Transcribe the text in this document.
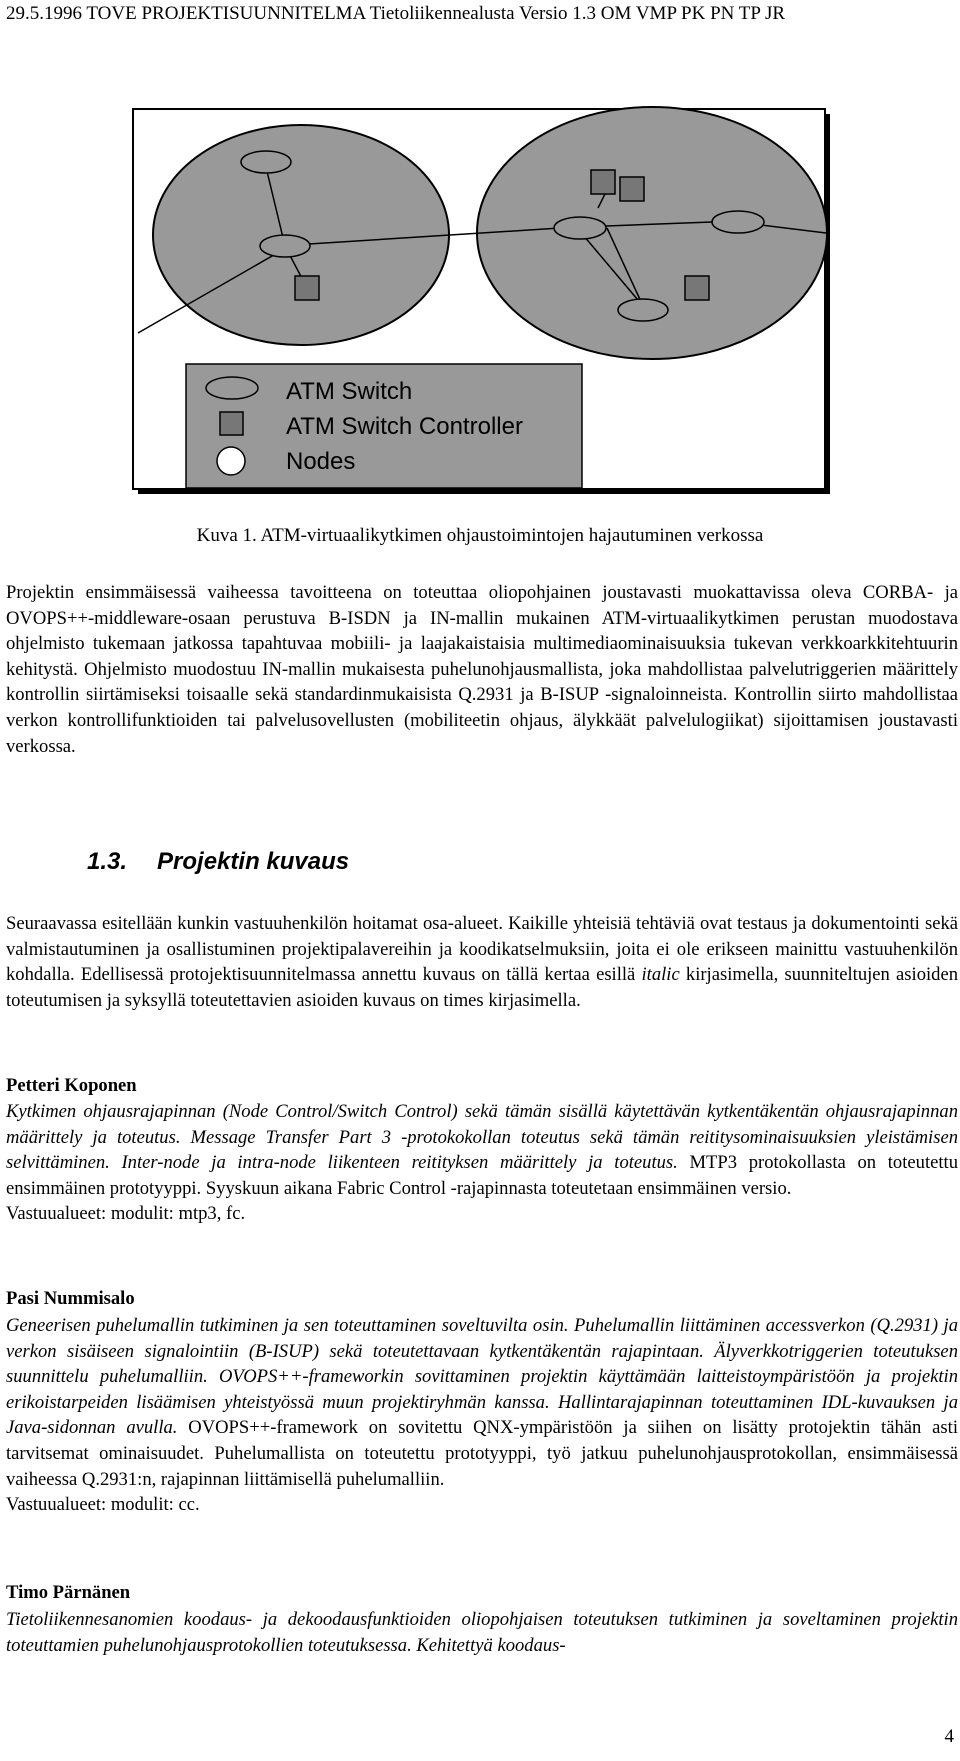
29.5.1996 TOVE PROJEKTISUUNNITELMA Tietoliikennealusta Versio 1.3 OM VMP PK PN TP JR
ATM Switch
ATM Switch Controller
Nodes
Kuva 1. ATM-virtuaalikytkimen ohjaustoimintojen hajautuminen verkossa
Projektin ensimmäisessä vaiheessa tavoitteena on toteuttaa oliopohjainen joustavasti muokattavissa oleva CORBA- ja OVOPS++-middleware-osaan perustuva B-ISDN ja IN-mallin mukainen ATM-virtuaalikytkimen perustan muodostava ohjelmisto tukemaan jatkossa tapahtuvaa mobiili- ja laajakaistaisia multimediaominaisuuksia tukevan verkkoarkkitehtuurin kehitystä. Ohjelmisto muodostuu IN-mallin mukaisesta puhelunohjausmallista, joka mahdollistaa palvelutriggerien määrittely kontrollin siirtämiseksi toisaalle sekä standardinmukaisista Q.2931 ja B-ISUP -signaloinneista. Kontrollin siirto mahdollistaa verkon kontrollifunktioiden tai palvelusovellusten (mobiliteetin ohjaus, älykkäät palvelulogiikat) sijoittamisen joustavasti verkossa.
1.3. Projektin kuvaus
Seuraavassa esitellään kunkin vastuuhenkilön hoitamat osa-alueet. Kaikille yhteisiä tehtäviä ovat testaus ja dokumentointi sekä valmistautuminen ja osallistuminen projektipalavereihin ja koodikatselmuksiin, joita ei ole erikseen mainittu vastuuhenkilön kohdalla. Edellisessä protojektisuunnitelmassa annettu kuvaus on tällä kertaa esillä italic kirjasimella, suunniteltujen asioiden toteutumisen ja syksyllä toteutettavien asioiden kuvaus on times kirjasimella.
Petteri Koponen
Kytkimen ohjausrajapinnan (Node Control/Switch Control) sekä tämän sisällä käytettävän kytkentäkentän ohjausrajapinnan määrittely ja toteutus. Message Transfer Part 3 -protokokollan toteutus sekä tämän reititysominaisuuksien yleistämisen selvittäminen. Inter-node ja intra-node liikenteen reitityksen määrittely ja toteutus. MTP3 protokollasta on toteutettu ensimmäinen prototyyppi. Syyskuun aikana Fabric Control -rajapinnasta toteutetaan ensimmäinen versio.
Vastuualueet: modulit: mtp3, fc.
Pasi Nummisalo
Geneerisen puhelumallin tutkiminen ja sen toteuttaminen soveltuvilta osin. Puhelumallin liittäminen accessverkon (Q.2931) ja verkon sisäiseen signalointiin (B-ISUP) sekä toteutettavaan kytkentäkentän rajapintaan. Älyverkkotriggerien toteutuksen suunnittelu puhelumalliin. OVOPS++-frameworkin sovittaminen projektin käyttämään laitteistoympäristöön ja projektin erikoistarpeiden lisäämisen yhteistyössä muun projektiryhmän kanssa. Hallintarajapinnan toteuttaminen IDL-kuvauksen ja Java-sidonnan avulla. OVOPS++-framework on sovitettu QNX-ympäristöön ja siihen on lisätty protojektin tähän asti tarvitsemat ominaisuudet. Puhelumallista on toteutettu prototyyppi, työ jatkuu puhelunohjausprotokollan, ensimmäisessä vaiheessa Q.2931:n, rajapinnan liittämisellä puhelumalliin.
Vastuualueet: modulit: cc.
Timo Pärnänen
Tietoliikennesanomien koodaus- ja dekoodausfunktioiden oliopohjaisen toteutuksen tutkiminen ja soveltaminen projektin toteuttamien puhelunohjausprotokollien toteutuksessa. Kehitettyä koodaus-
4
